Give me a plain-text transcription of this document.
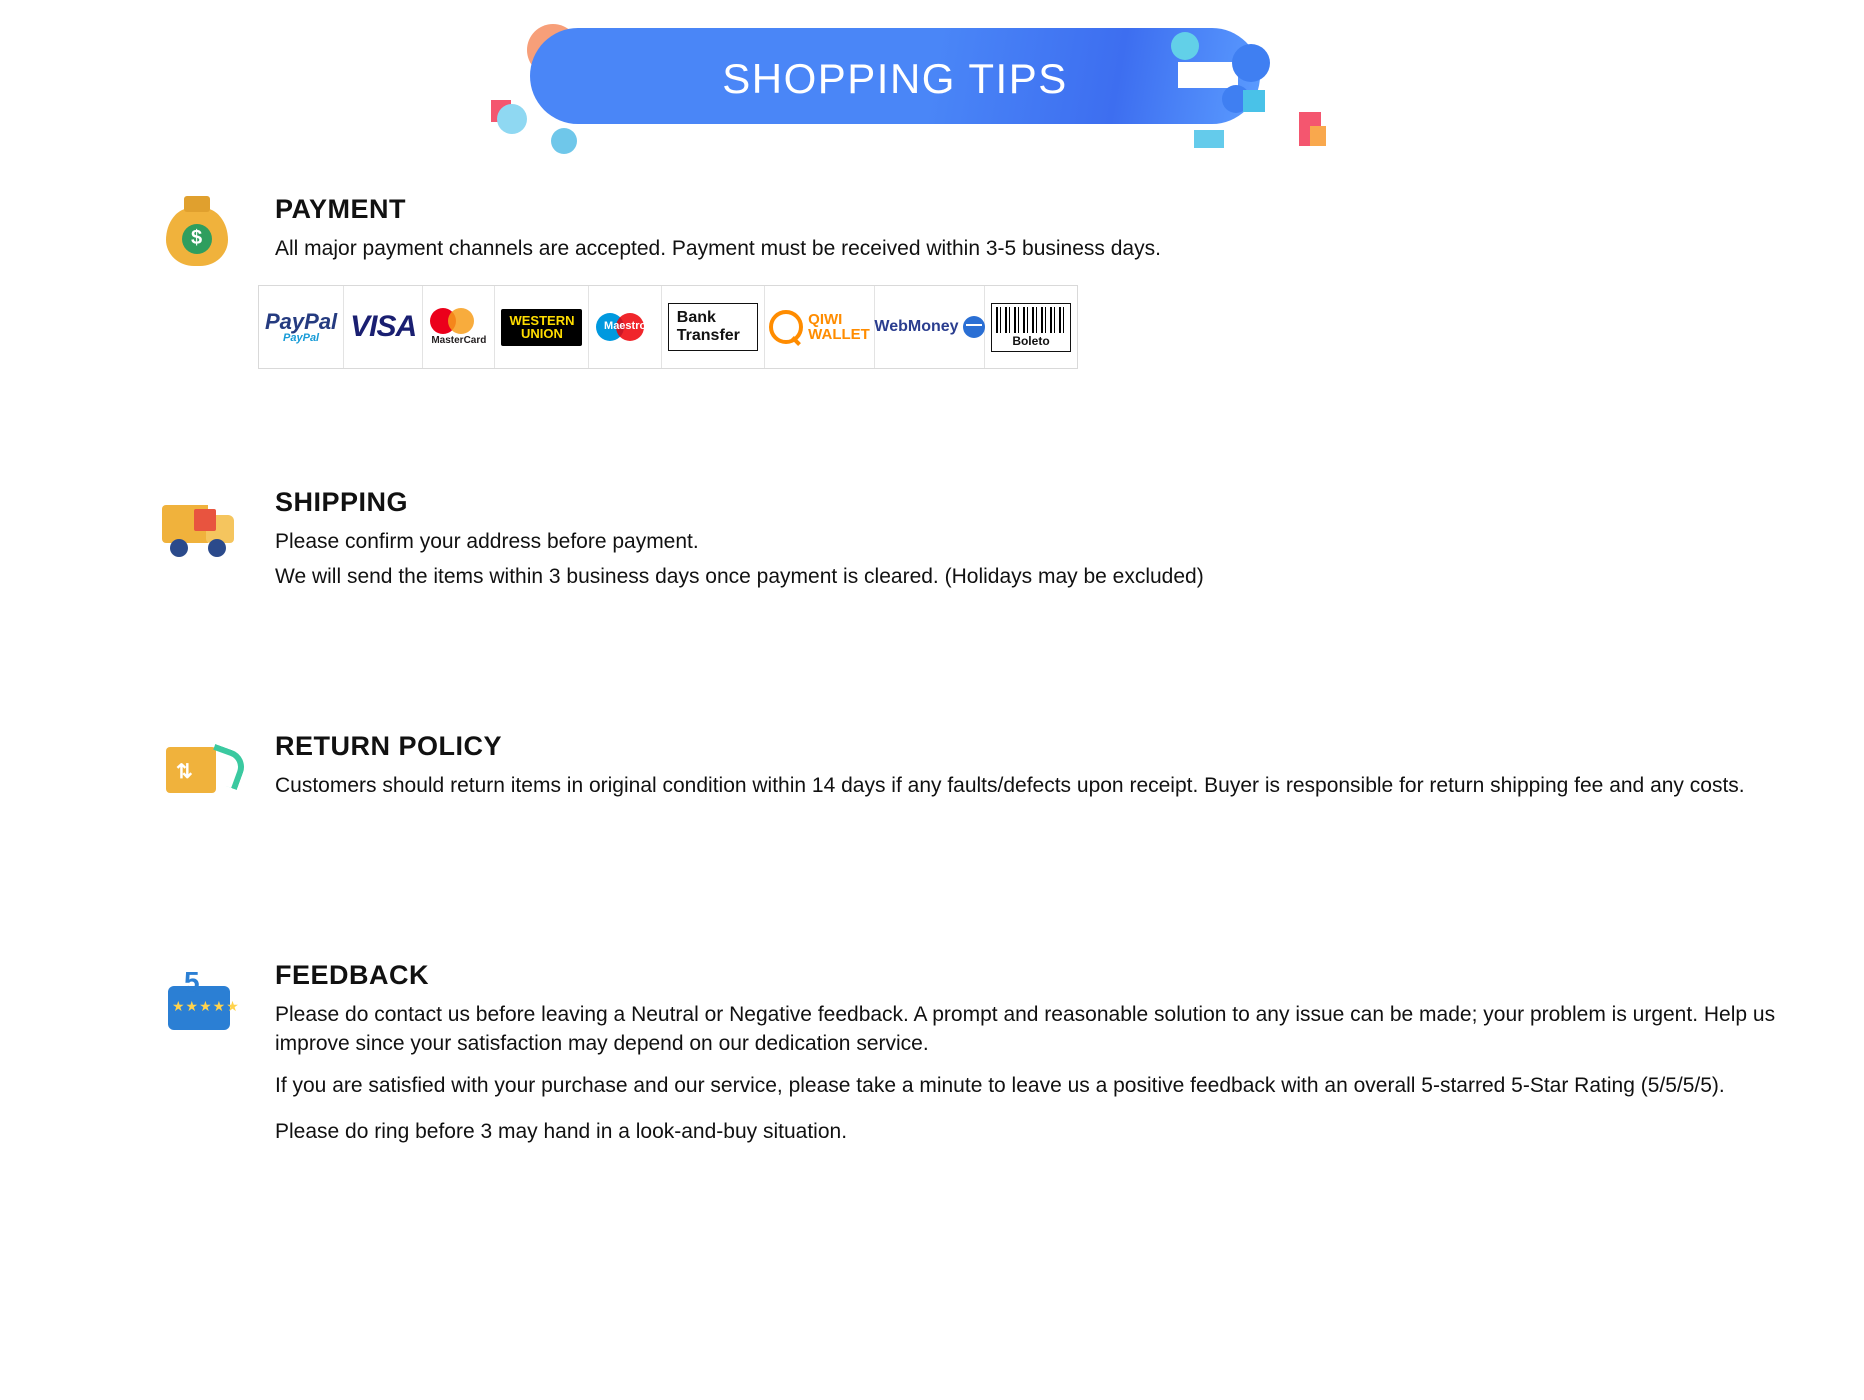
SHOPPING TIPS
$
PAYMENT

All major payment channels are accepted. Payment must be received within 3-5 business days.

PayPal
PayPal	VISA MasterCard
WESTERN
UNION	Maestro	Bank Transfer
QIWI
WALLET WebMoney
Boleto
SHIPPING

Please confirm your address before payment.

We will send the items within 3 business days once payment is cleared. (Holidays may be excluded)

⇅
RETURN POLICY

Customers should return items in original condition within 14 days if any faults/defects upon receipt. Buyer is responsible for return shipping fee and any costs.

5
★★★★★
FEEDBACK

Please do contact us before leaving a Neutral or Negative feedback. A prompt and reasonable solution to any issue can be made; your problem is urgent. Help us improve since your satisfaction may depend on our dedication service.

If you are satisfied with your purchase and our service, please take a minute to leave us a positive feedback with an overall 5-starred 5-Star Rating (5/5/5/5).

Please do ring before 3 may hand in a look-and-buy situation.
